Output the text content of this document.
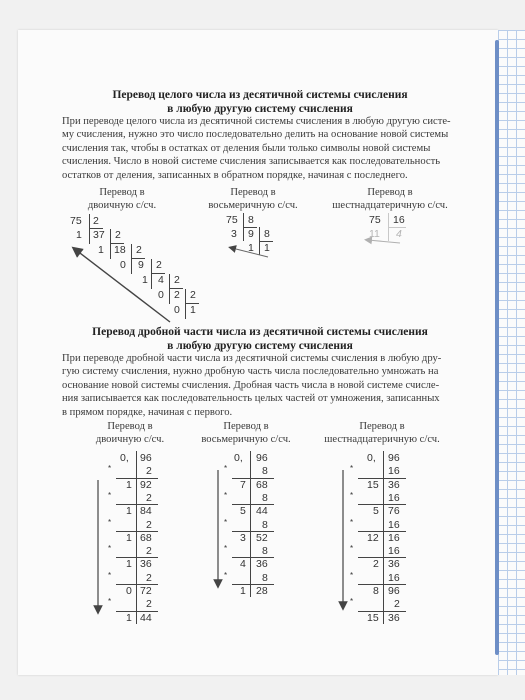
Перевод целого числа из десятичной системы счисления
в любую другую систему счисления
При переводе целого числа из десятичной системы счисления в любую другую систе-
му счисления, нужно это число последовательно делить на основание новой системы
счисления так, чтобы в остатках от деления были только символы новой системы
счисления. Число в новой системе счисления записывается как последовательность
остатков от деления, записанных в обратном порядке, начиная с последнего.
Перевод в
двоичную с/сч.
Перевод в
восьмеричную с/сч.
Перевод в
шестнадцатеричную с/сч.
75 2
1 37 2
1 18 2
0 9 2
1 4 2
0 2 2
0 1
75 8
3 9 8
1 1
75 16
11 4
Перевод дробной части числа из десятичной системы счисления
в любую другую систему счисления
При переводе дробной части числа из десятичной системы счисления в любую дру-
гую систему счисления, нужно дробную часть числа последовательно умножать на
основание новой системы счисления. Дробная часть числа в новой системе счисле-
ния записывается как последовательность целых частей от умножения, записанных
в прямом порядке, начиная с первого.
Перевод в
двоичную с/сч.
Перевод в
восьмеричную с/сч.
Перевод в
шестнадцатеричную с/сч.
0, 96
*	2
1 92
*	2
1 84
*	2
1 68
*	2
1 36
*	2
0 72
*	2
1 44
0, 96
*	8
7 68
*	8
5 44
*	8
3 52
*	8
4 36
*	8
1 28
0, 96
*	16
15 36
*	16
5 76
*	16
12 16
*	16
2 36
*	16
8 96
*	2
15 36
